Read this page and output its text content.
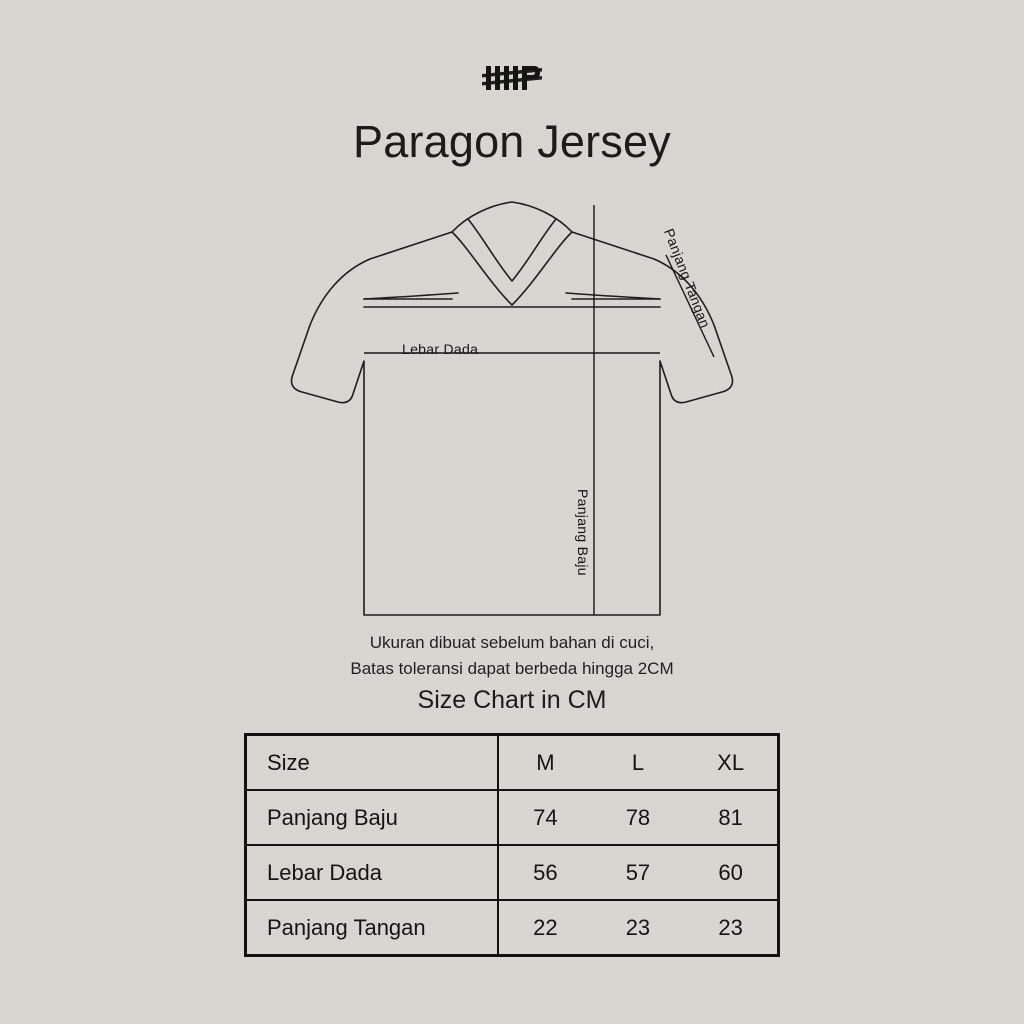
Paragon Jersey
Lebar Dada
Panjang Baju
Panjang Tangan
Ukuran dibuat sebelum bahan di cuci,
Batas toleransi dapat berbeda hingga 2CM
Size Chart in CM
Size	M	L	XL
Panjang Baju	74	78	81
Lebar Dada	56	57	60
Panjang Tangan	22	23	23
